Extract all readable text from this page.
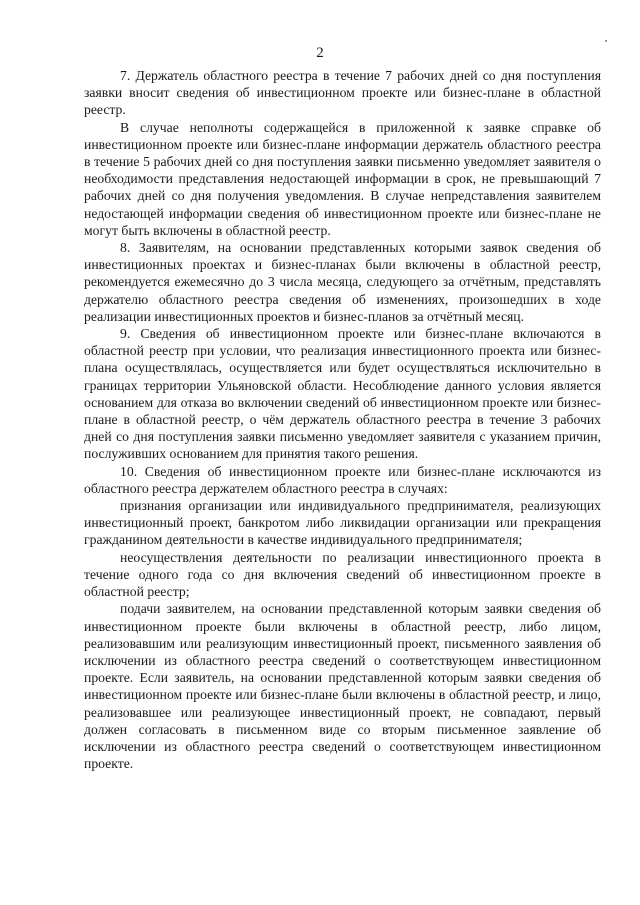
2

7. Держатель областного реестра в течение 7 рабочих дней со дня поступления заявки вносит сведения об инвестиционном проекте или бизнес-плане в областной реестр.

В случае неполноты содержащейся в приложенной к заявке справке об инвестиционном проекте или бизнес-плане информации держатель областного реестра в течение 5 рабочих дней со дня поступления заявки письменно уведомляет заявителя о необходимости представления недостающей информации в срок, не превышающий 7 рабочих дней со дня получения уведомления. В случае непредставления заявителем недостающей информации сведения об инвестиционном проекте или бизнес-плане не могут быть включены в областной реестр.

8. Заявителям, на основании представленных которыми заявок сведения об инвестиционных проектах и бизнес-планах были включены в областной реестр, рекомендуется ежемесячно до 3 числа месяца, следующего за отчётным, представлять держателю областного реестра сведения об изменениях, произошедших в ходе реализации инвестиционных проектов и бизнес-планов за отчётный месяц.

9. Сведения об инвестиционном проекте или бизнес-плане включаются в областной реестр при условии, что реализация инвестиционного проекта или бизнес-плана осуществлялась, осуществляется или будет осуществляться исключительно в границах территории Ульяновской области. Несоблюдение данного условия является основанием для отказа во включении сведений об инвестиционном проекте или бизнес-плане в областной реестр, о чём держатель областного реестра в течение 3 рабочих дней со дня поступления заявки письменно уведомляет заявителя с указанием причин, послуживших основанием для принятия такого решения.

10. Сведения об инвестиционном проекте или бизнес-плане исключаются из областного реестра держателем областного реестра в случаях:

признания организации или индивидуального предпринимателя, реализующих инвестиционный проект, банкротом либо ликвидации организации или прекращения гражданином деятельности в качестве индивидуального предпринимателя;

неосуществления деятельности по реализации инвестиционного проекта в течение одного года со дня включения сведений об инвестиционном проекте в областной реестр;

подачи заявителем, на основании представленной которым заявки сведения об инвестиционном проекте были включены в областной реестр, либо лицом, реализовавшим или реализующим инвестиционный проект, письменного заявления об исключении из областного реестра сведений о соответствующем инвестиционном проекте. Если заявитель, на основании представленной которым заявки сведения об инвестиционном проекте или бизнес-плане были включены в областной реестр, и лицо, реализовавшее или реализующее инвестиционный проект, не совпадают, первый должен согласовать в письменном виде со вторым письменное заявление об исключении из областного реестра сведений о соответствующем инвестиционном проекте.
